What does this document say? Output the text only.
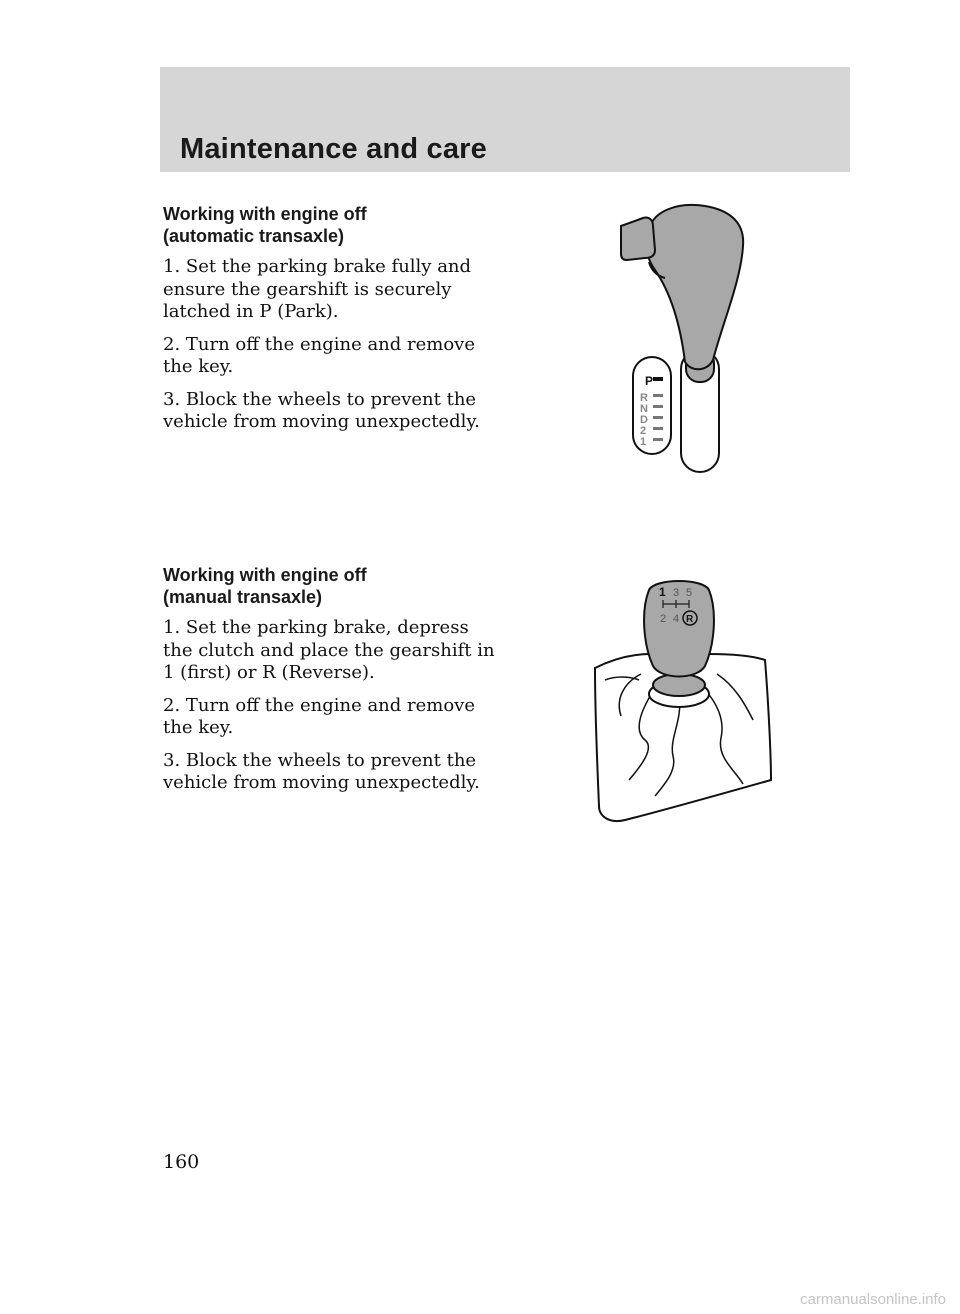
Maintenance and care
Working with engine off
(automatic transaxle)

1. Set the parking brake fully and ensure the gearshift is securely latched in P (Park).

2. Turn off the engine and remove the key.

3. Block the wheels to prevent the vehicle from moving unexpectedly.

P
R
N
D
2
1
Working with engine off
(manual transaxle)

1. Set the parking brake, depress the clutch and place the gearshift in 1 (first) or R (Reverse).

2. Turn off the engine and remove the key.

3. Block the wheels to prevent the vehicle from moving unexpectedly.

1 3 5
2 4 R

160

carmanualsonline.info
